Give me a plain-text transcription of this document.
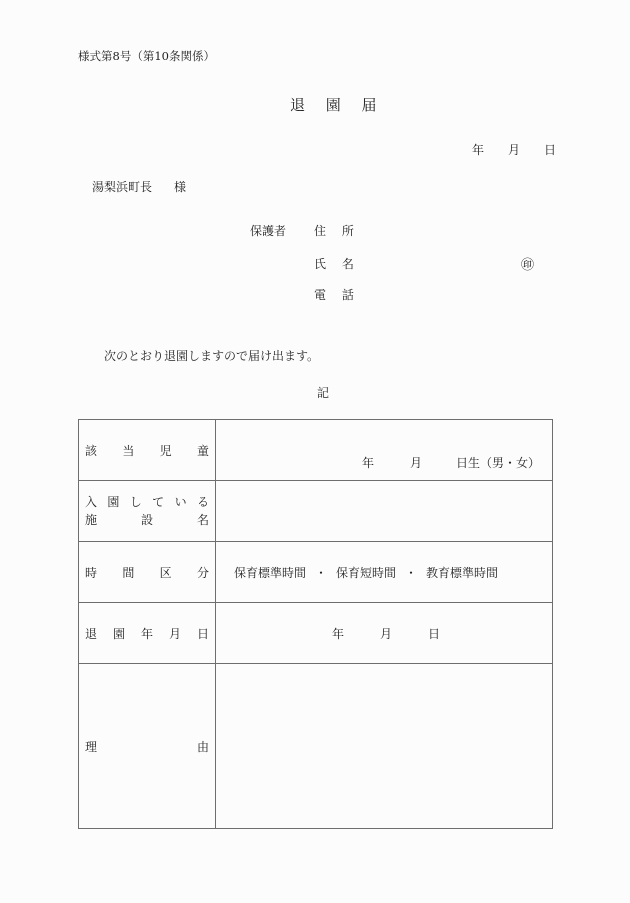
様式第8号（第10条関係）
退 園 届
年 月 日
湯梨浜町長 様
保護者 住 所
氏 名	㊞
電 話
次のとおり退園しますので届け出ます。
記
該 当 児 童	年 月 日生（男・女）

入 園 し て い る
施	設	名

時 間 区 分	保育標準時間 ・ 保育短時間 ・ 教育標準時間

退 園 年 月 日	年 月 日

理 由	
